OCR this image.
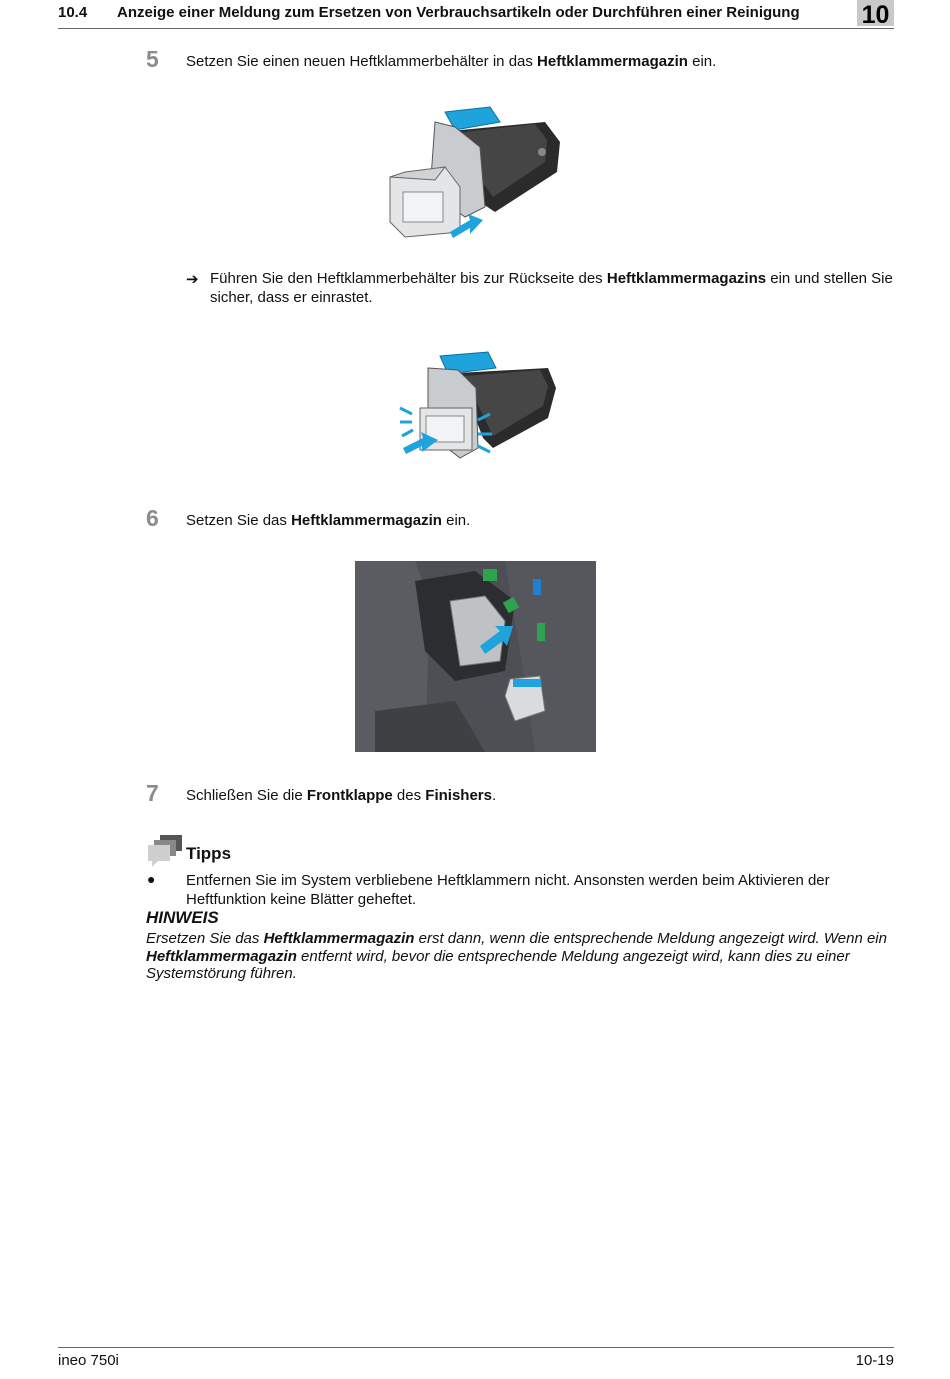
10.4 Anzeige einer Meldung zum Ersetzen von Verbrauchsartikeln oder Durchführen einer Reinigung 10
5 Setzen Sie einen neuen Heftklammerbehälter in das Heftklammermagazin ein.
➔ Führen Sie den Heftklammerbehälter bis zur Rückseite des Heftklammermagazins ein und stellen Sie sicher, dass er einrastet.
6 Setzen Sie das Heftklammermagazin ein.
7 Schließen Sie die Frontklappe des Finishers.
Tipps
● Entfernen Sie im System verbliebene Heftklammern nicht. Ansonsten werden beim Aktivieren der Heftfunktion keine Blätter geheftet.
HINWEIS
Ersetzen Sie das Heftklammermagazin erst dann, wenn die entsprechende Meldung angezeigt wird. Wenn ein Heftklammermagazin entfernt wird, bevor die entsprechende Meldung angezeigt wird, kann dies zu einer Systemstörung führen.
ineo 750i	10-19
